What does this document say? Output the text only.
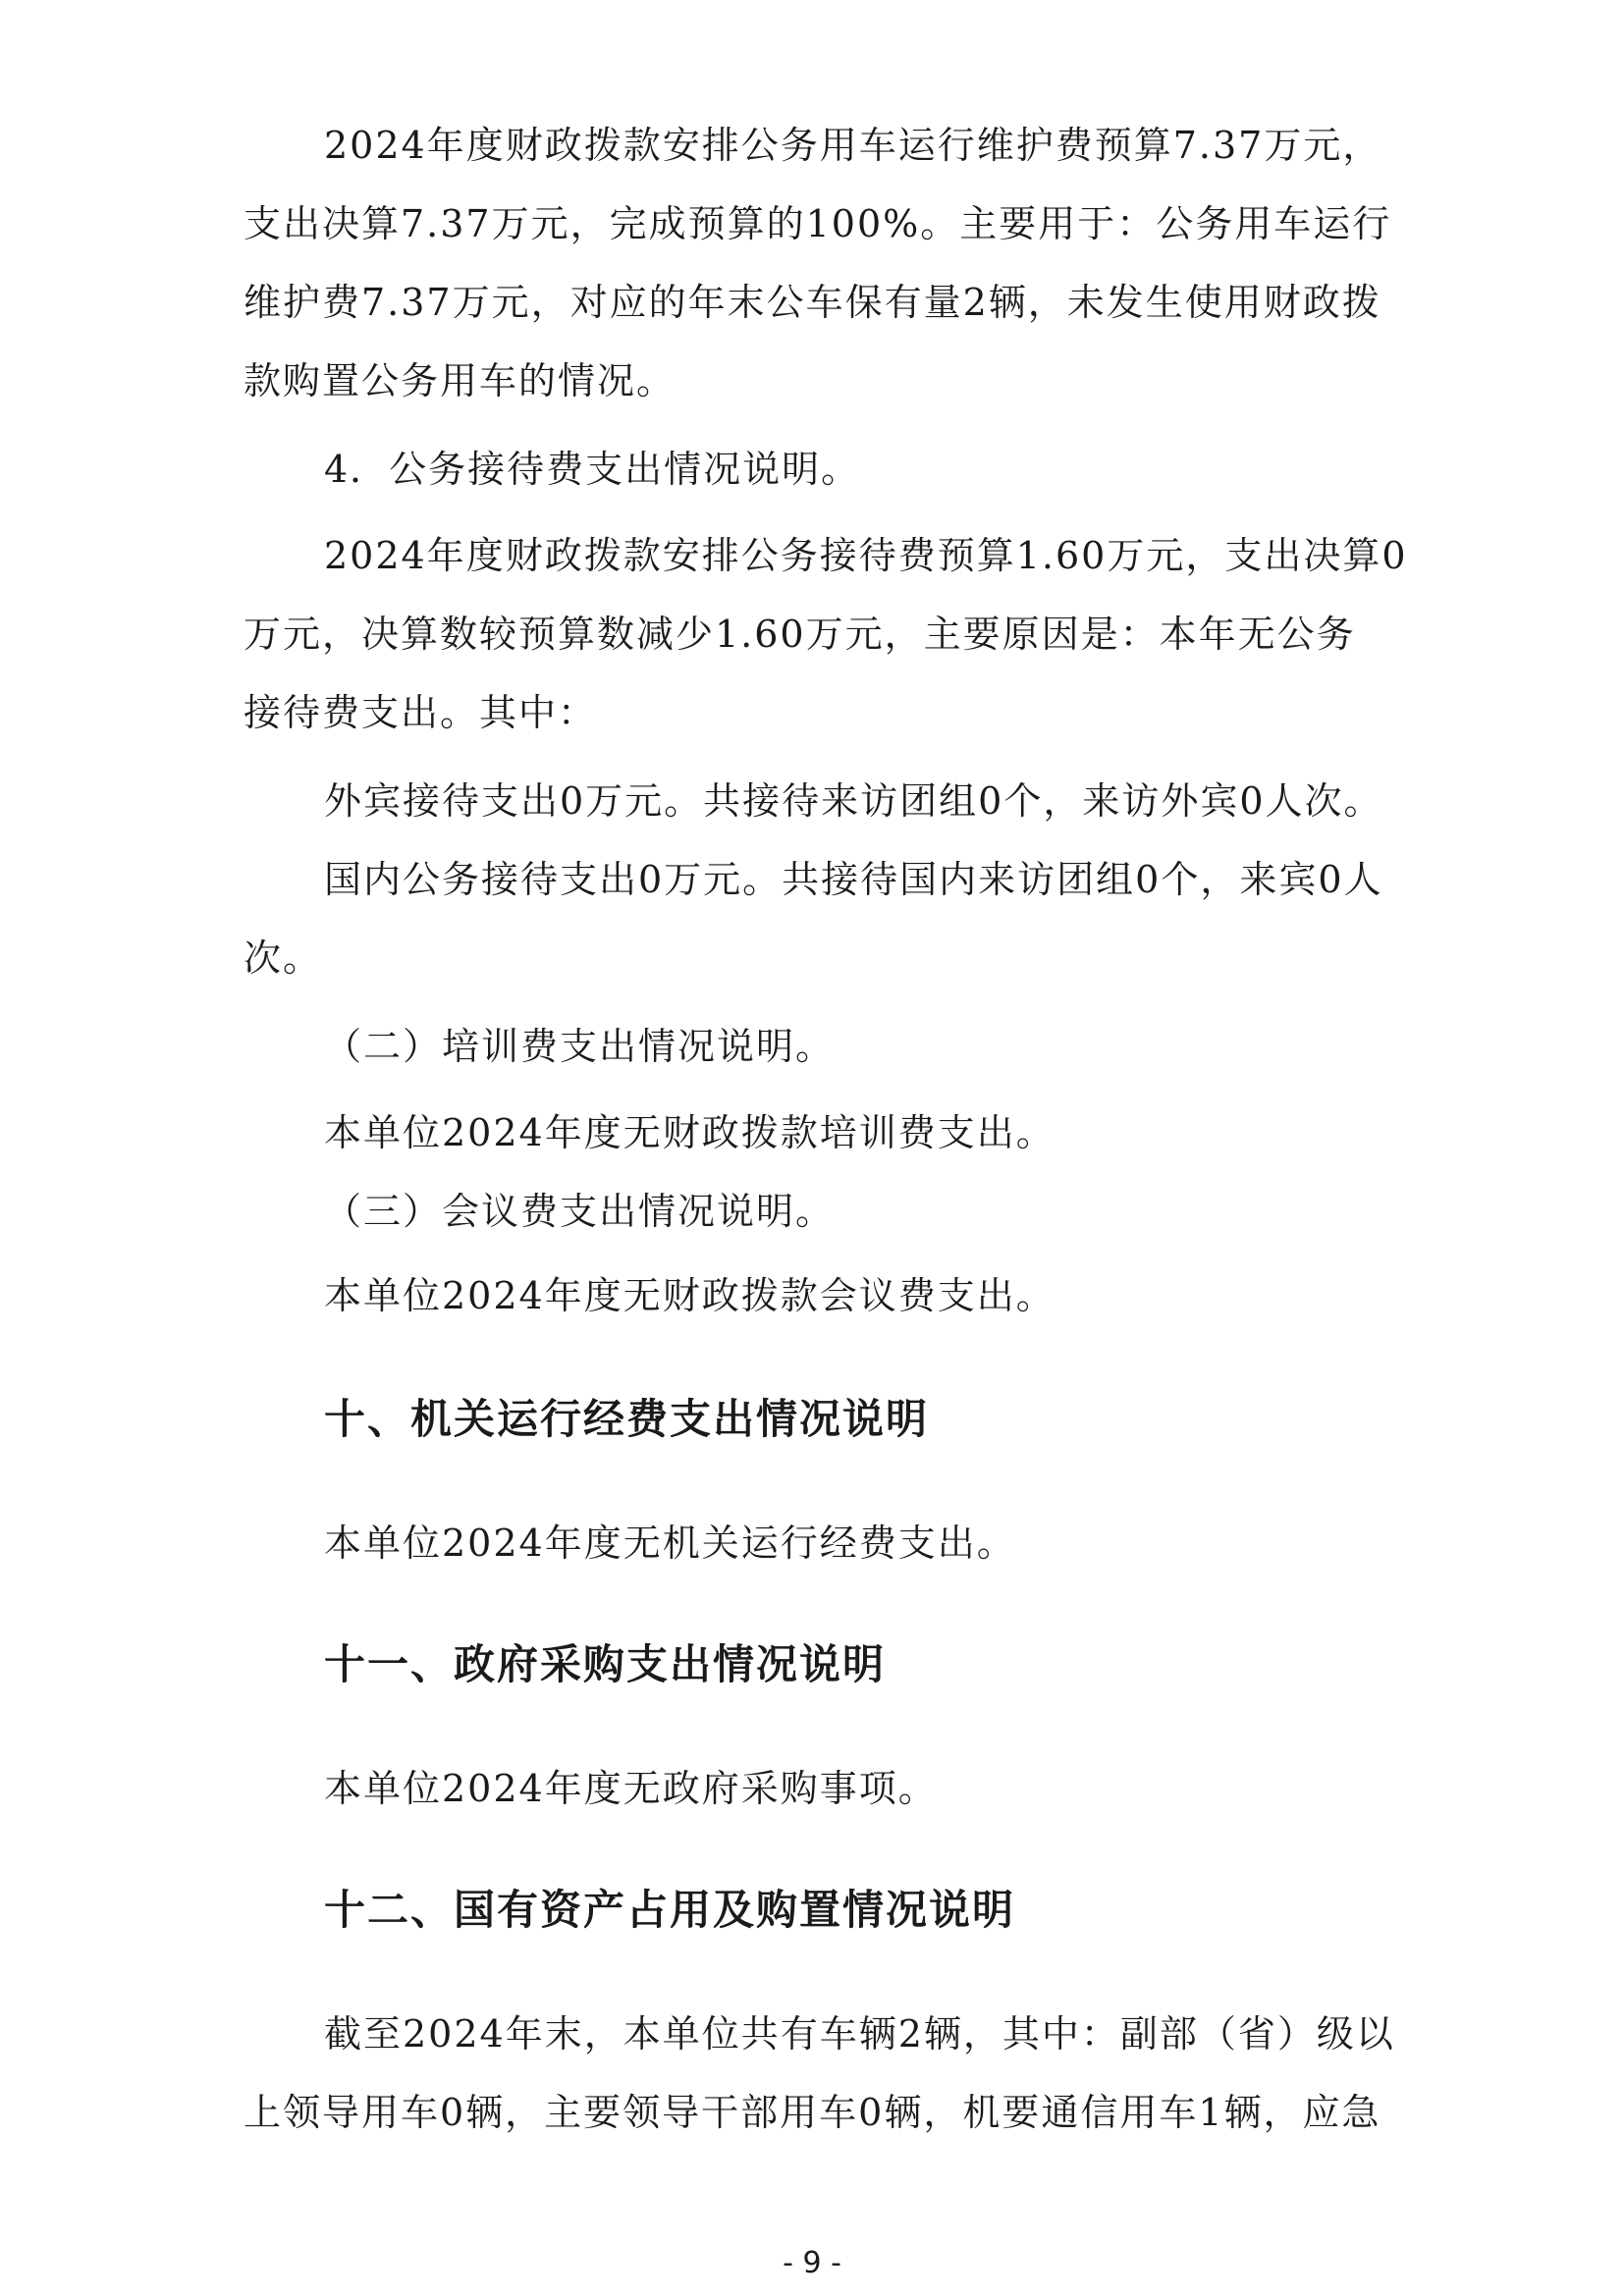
2024年度财政拨款安排公务用车运行维护费预算7.37万元，
支出决算7.37万元，完成预算的100%。主要用于：公务用车运行
维护费7.37万元，对应的年末公车保有量2辆，未发生使用财政拨
款购置公务用车的情况。
4．公务接待费支出情况说明。
2024年度财政拨款安排公务接待费预算1.60万元，支出决算0
万元，决算数较预算数减少1.60万元，主要原因是：本年无公务
接待费支出。其中：
外宾接待支出0万元。共接待来访团组0个，来访外宾0人次。
国内公务接待支出0万元。共接待国内来访团组0个，来宾0人
次。
（二）培训费支出情况说明。
本单位2024年度无财政拨款培训费支出。
（三）会议费支出情况说明。
本单位2024年度无财政拨款会议费支出。
十、机关运行经费支出情况说明
本单位2024年度无机关运行经费支出。
十一、政府采购支出情况说明
本单位2024年度无政府采购事项。
十二、国有资产占用及购置情况说明
截至2024年末，本单位共有车辆2辆，其中：副部（省）级以
上领导用车0辆，主要领导干部用车0辆，机要通信用车1辆，应急
- 9 -
